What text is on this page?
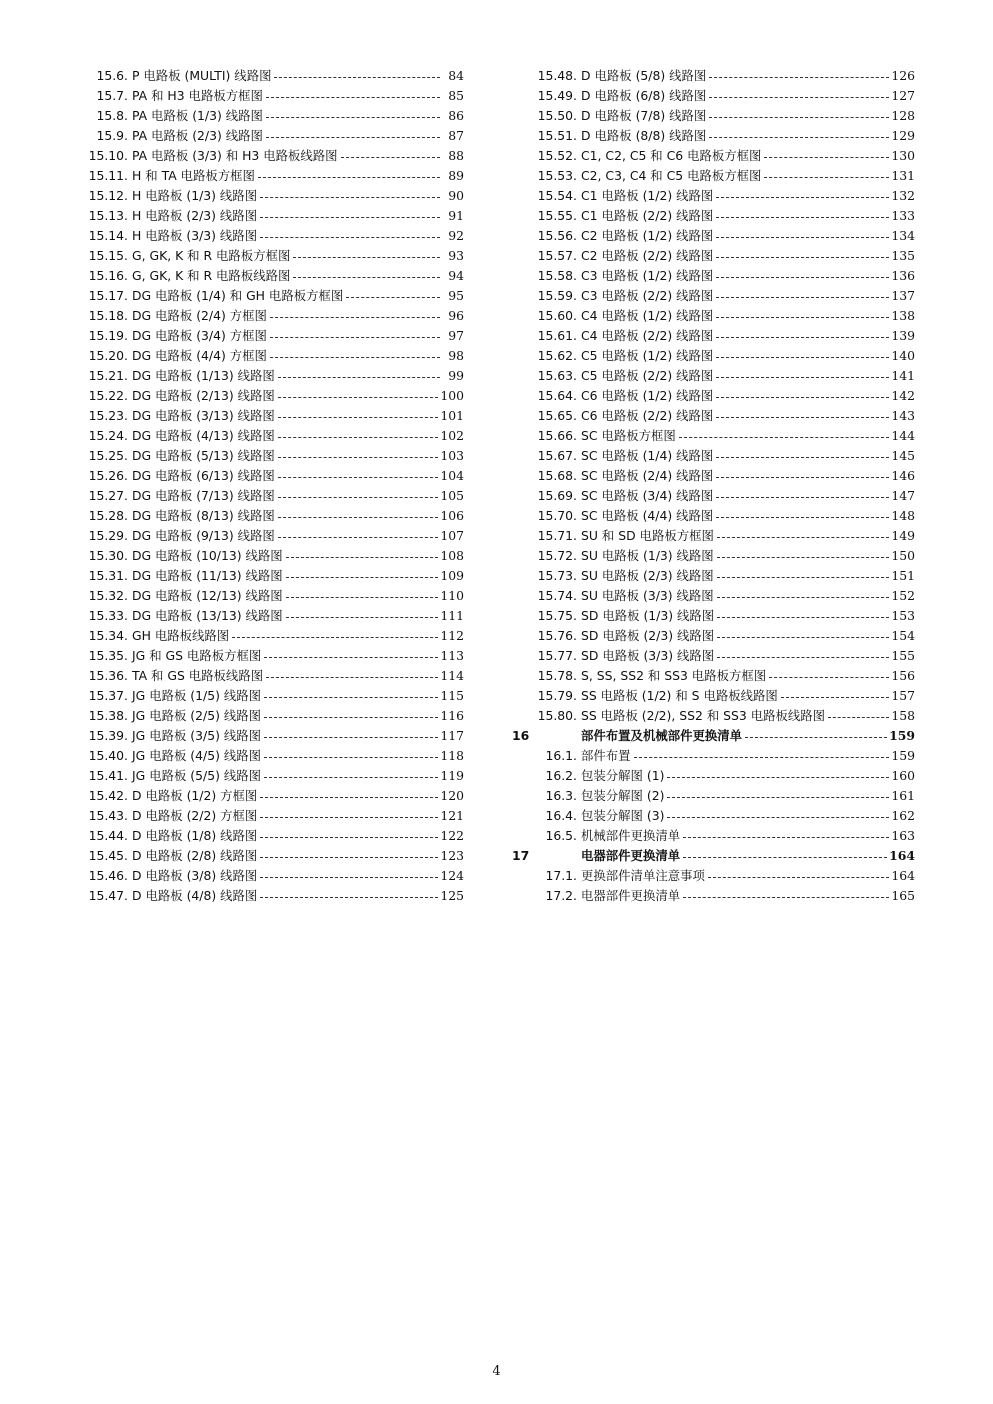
15.6. P 电路板 (MULTI) 线路图	84
15.7. PA 和 H3 电路板方框图	85
15.8. PA 电路板 (1/3) 线路图	86
15.9. PA 电路板 (2/3) 线路图	87
15.10. PA 电路板 (3/3) 和 H3 电路板线路图	88
15.11. H 和 TA 电路板方框图	89
15.12. H 电路板 (1/3) 线路图	90
15.13. H 电路板 (2/3) 线路图	91
15.14. H 电路板 (3/3) 线路图	92
15.15. G, GK, K 和 R 电路板方框图	93
15.16. G, GK, K 和 R 电路板线路图	94
15.17. DG 电路板 (1/4) 和 GH 电路板方框图	95
15.18. DG 电路板 (2/4) 方框图	96
15.19. DG 电路板 (3/4) 方框图	97
15.20. DG 电路板 (4/4) 方框图	98
15.21. DG 电路板 (1/13) 线路图	99
15.22. DG 电路板 (2/13) 线路图	100
15.23. DG 电路板 (3/13) 线路图	101
15.24. DG 电路板 (4/13) 线路图	102
15.25. DG 电路板 (5/13) 线路图	103
15.26. DG 电路板 (6/13) 线路图	104
15.27. DG 电路板 (7/13) 线路图	105
15.28. DG 电路板 (8/13) 线路图	106
15.29. DG 电路板 (9/13) 线路图	107
15.30. DG 电路板 (10/13) 线路图	108
15.31. DG 电路板 (11/13) 线路图	109
15.32. DG 电路板 (12/13) 线路图	110
15.33. DG 电路板 (13/13) 线路图	111
15.34. GH 电路板线路图	112
15.35. JG 和 GS 电路板方框图	113
15.36. TA 和 GS 电路板线路图	114
15.37. JG 电路板 (1/5) 线路图	115
15.38. JG 电路板 (2/5) 线路图	116
15.39. JG 电路板 (3/5) 线路图	117
15.40. JG 电路板 (4/5) 线路图	118
15.41. JG 电路板 (5/5) 线路图	119
15.42. D 电路板 (1/2) 方框图	120
15.43. D 电路板 (2/2) 方框图	121
15.44. D 电路板 (1/8) 线路图	122
15.45. D 电路板 (2/8) 线路图	123
15.46. D 电路板 (3/8) 线路图	124
15.47. D 电路板 (4/8) 线路图	125
15.48. D 电路板 (5/8) 线路图	126
15.49. D 电路板 (6/8) 线路图	127
15.50. D 电路板 (7/8) 线路图	128
15.51. D 电路板 (8/8) 线路图	129
15.52. C1, C2, C5 和 C6 电路板方框图	130
15.53. C2, C3, C4 和 C5 电路板方框图	131
15.54. C1 电路板 (1/2) 线路图	132
15.55. C1 电路板 (2/2) 线路图	133
15.56. C2 电路板 (1/2) 线路图	134
15.57. C2 电路板 (2/2) 线路图	135
15.58. C3 电路板 (1/2) 线路图	136
15.59. C3 电路板 (2/2) 线路图	137
15.60. C4 电路板 (1/2) 线路图	138
15.61. C4 电路板 (2/2) 线路图	139
15.62. C5 电路板 (1/2) 线路图	140
15.63. C5 电路板 (2/2) 线路图	141
15.64. C6 电路板 (1/2) 线路图	142
15.65. C6 电路板 (2/2) 线路图	143
15.66. SC 电路板方框图	144
15.67. SC 电路板 (1/4) 线路图	145
15.68. SC 电路板 (2/4) 线路图	146
15.69. SC 电路板 (3/4) 线路图	147
15.70. SC 电路板 (4/4) 线路图	148
15.71. SU 和 SD 电路板方框图	149
15.72. SU 电路板 (1/3) 线路图	150
15.73. SU 电路板 (2/3) 线路图	151
15.74. SU 电路板 (3/3) 线路图	152
15.75. SD 电路板 (1/3) 线路图	153
15.76. SD 电路板 (2/3) 线路图	154
15.77. SD 电路板 (3/3) 线路图	155
15.78. S, SS, SS2 和 SS3 电路板方框图	156
15.79. SS 电路板 (1/2) 和 S 电路板线路图	157
15.80. SS 电路板 (2/2), SS2 和 SS3 电路板线路图	158
16	部件布置及机械部件更换清单	159
16.1. 部件布置	159
16.2. 包装分解图 (1)	160
16.3. 包装分解图 (2)	161
16.4. 包装分解图 (3)	162
16.5. 机械部件更换清单	163
17	电器部件更换清单	164
17.1. 更换部件清单注意事项	164
17.2. 电器部件更换清单	165
4
